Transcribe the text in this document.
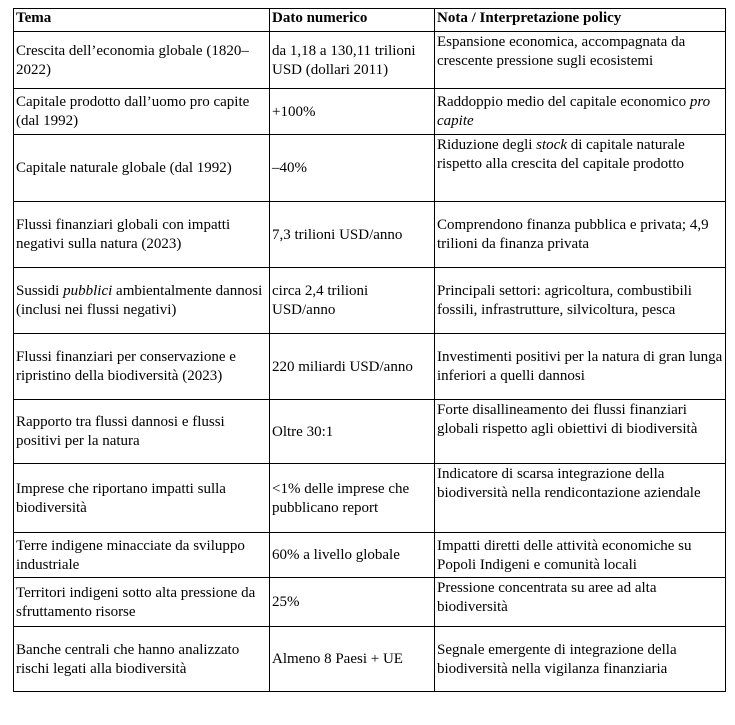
Tema	Dato numerico	Nota / Interpretazione policy
Crescita dell’economia globale (1820–2022)	da 1,18 a 130,11 trilioni USD (dollari 2011)	Espansione economica, accompagnata da crescente pressione sugli ecosistemi
Capitale prodotto dall’uomo pro capite (dal 1992)	+100%	Raddoppio medio del capitale economico pro capite
Capitale naturale globale (dal 1992)	–40%	Riduzione degli stock di capitale naturale rispetto alla crescita del capitale prodotto
Flussi finanziari globali con impatti negativi sulla natura (2023)	7,3 trilioni USD/anno	Comprendono finanza pubblica e privata; 4,9 trilioni da finanza privata
Sussidi pubblici ambientalmente dannosi (inclusi nei flussi negativi)	circa 2,4 trilioni USD/anno	Principali settori: agricoltura, combustibili fossili, infrastrutture, silvicoltura, pesca
Flussi finanziari per conservazione e ripristino della biodiversità (2023)	220 miliardi USD/anno	Investimenti positivi per la natura di gran lunga inferiori a quelli dannosi
Rapporto tra flussi dannosi e flussi positivi per la natura	Oltre 30:1	Forte disallineamento dei flussi finanziari globali rispetto agli obiettivi di biodiversità
Imprese che riportano impatti sulla biodiversità	<1% delle imprese che pubblicano report	Indicatore di scarsa integrazione della biodiversità nella rendicontazione aziendale
Terre indigene minacciate da sviluppo industriale	60% a livello globale	Impatti diretti delle attività economiche su Popoli Indigeni e comunità locali
Territori indigeni sotto alta pressione da sfruttamento risorse	25%	Pressione concentrata su aree ad alta biodiversità
Banche centrali che hanno analizzato rischi legati alla biodiversità	Almeno 8 Paesi + UE	Segnale emergente di integrazione della biodiversità nella vigilanza finanziaria
